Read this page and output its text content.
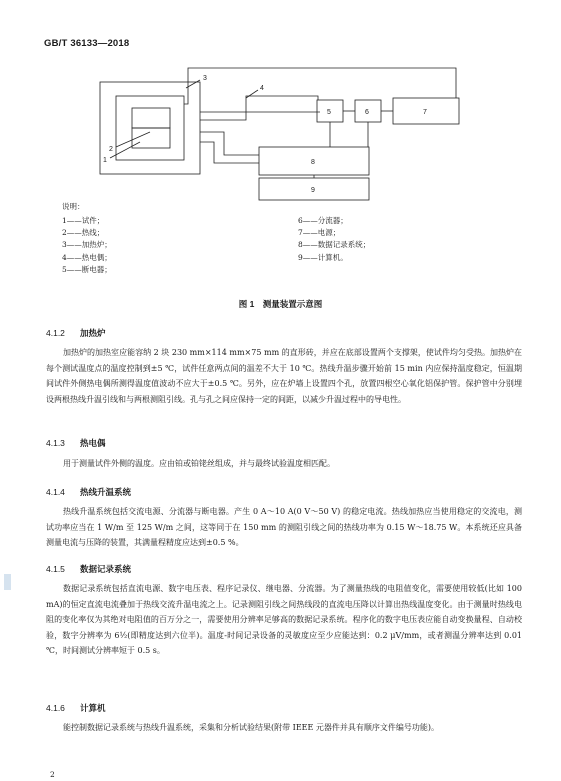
GB/T 36133—2018
1
2
3
4
5	6	7
8
9
说明：
1——试件；
2——热线；
3——加热炉；
4——热电偶；
5——断电器；
6——分流器；
7——电源；
8——数据记录系统；
9——计算机。
图 1　测量装置示意图
4.1.2 加热炉
加热炉的加热室应能容纳 2 块 230 mm×114 mm×75 mm 的直形砖，并应在底部设置两个支撑架，使试件均匀受热。加热炉在每个测试温度点的温度控制到±5 ℃，试件任意两点间的温差不大于 10 ℃。热线升温步骤开始前 15 min 内应保持温度稳定，恒温期间试件外侧热电偶所测得温度值波动不应大于±0.5 ℃。另外，应在炉墙上设置四个孔，放置四根空心氧化铝保护管。保护管中分别埋设两根热线升温引线和与两根测阻引线。孔与孔之间应保持一定的间距，以减少升温过程中的导电性。
4.1.3 热电偶
用于测量试件外侧的温度。应由铂或铂铑丝组成，并与最终试验温度相匹配。
4.1.4 热线升温系统
热线升温系统包括交流电源、分流器与断电器。产生 0 A～10 A(0 V～50 V) 的稳定电流。热线加热应当使用稳定的交流电，测试功率应当在 1 W/m 至 125 W/m 之间，这等同于在 150 mm 的测阻引线之间的热线功率为 0.15 W～18.75 W。本系统还应具备测量电流与压降的装置，其满量程精度应达到±0.5 %。
4.1.5 数据记录系统
数据记录系统包括直流电源、数字电压表、程序记录仪、继电器、分流器。为了测量热线的电阻值变化，需要使用较低(比如 100 mA)的恒定直流电流叠加于热线交流升温电流之上。记录测阻引线之间热线段的直流电压降以计算出热线温度变化。由于测量时热线电阻的变化率仅为其绝对电阻值的百万分之一，需要使用分辨率足够高的数据记录系统。程序化的数字电压表应能自动变换量程、自动校验，数字分辨率为 6½(即精度达到六位半)。温度-时间记录设备的灵敏度应至少应能达到：0.2 μV/mm，或者测温分辨率达到 0.01 ℃，时间测试分辨率短于 0.5 s。
4.1.6 计算机
能控制数据记录系统与热线升温系统，采集和分析试验结果(附带 IEEE 元器件并具有顺序文件编号功能)。
2
